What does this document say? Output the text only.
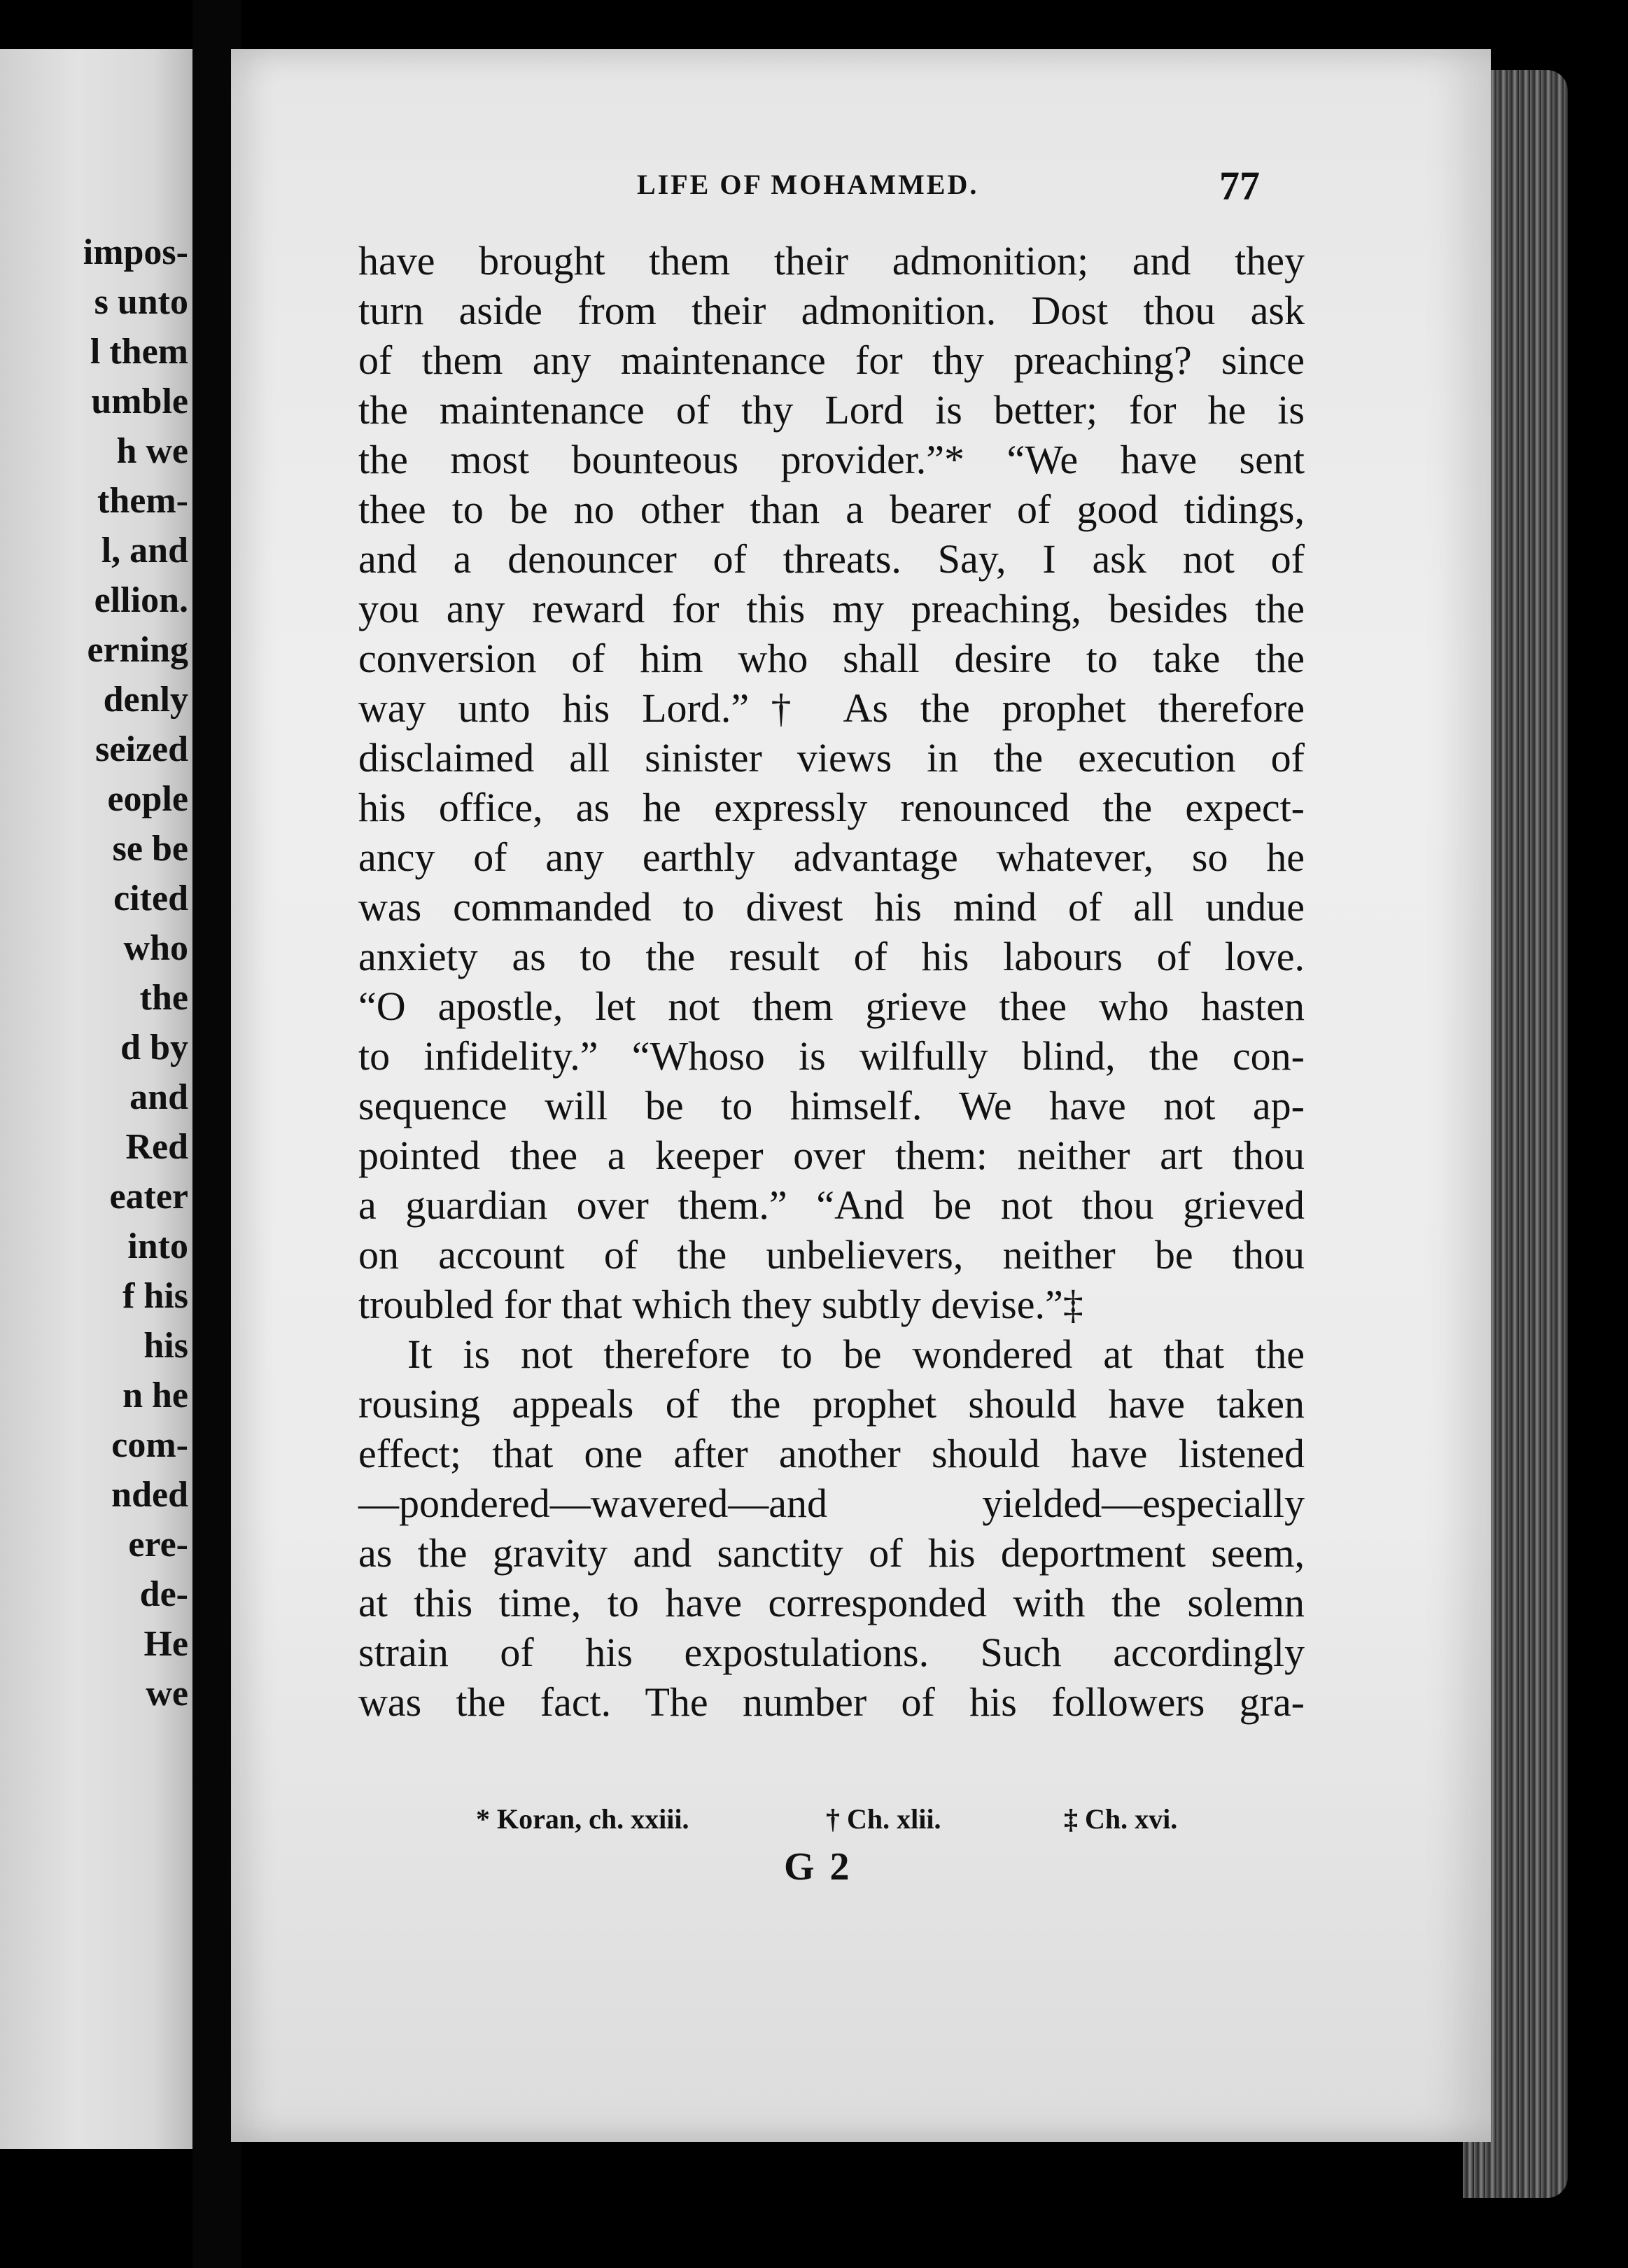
impos-
s unto
l them
umble
h we
them-
l, and
ellion.
erning
denly
seized
eople
se be
cited
who
the
d by
and
Red
eater
into
f his
his
n he
com-
nded
ere-
de-
He
we
LIFE OF MOHAMMED.	77
have brought them their admonition; and they
turn aside from their admonition. Dost thou ask
of them any maintenance for thy preaching? since
the maintenance of thy Lord is better; for he is
the most bounteous provider.”* “We have sent
thee to be no other than a bearer of good tidings,
and a denouncer of threats. Say, I ask not of
you any reward for this my preaching, besides the
conversion of him who shall desire to take the
way unto his Lord.”† As the prophet therefore
disclaimed all sinister views in the execution of
his office, as he expressly renounced the expect-
ancy of any earthly advantage whatever, so he
was commanded to divest his mind of all undue
anxiety as to the result of his labours of love.
“O apostle, let not them grieve thee who hasten
to infidelity.” “Whoso is wilfully blind, the con-
sequence will be to himself. We have not ap-
pointed thee a keeper over them: neither art thou
a guardian over them.” “And be not thou grieved
on account of the unbelievers, neither be thou
troubled for that which they subtly devise.”‡
It is not therefore to be wondered at that the
rousing appeals of the prophet should have taken
effect; that one after another should have listened
—pondered—wavered—and yielded—especially
as the gravity and sanctity of his deportment seem,
at this time, to have corresponded with the solemn
strain of his expostulations. Such accordingly
was the fact. The number of his followers gra-
* Koran, ch. xxiii.	† Ch. xlii.	‡ Ch. xvi.
G 2
